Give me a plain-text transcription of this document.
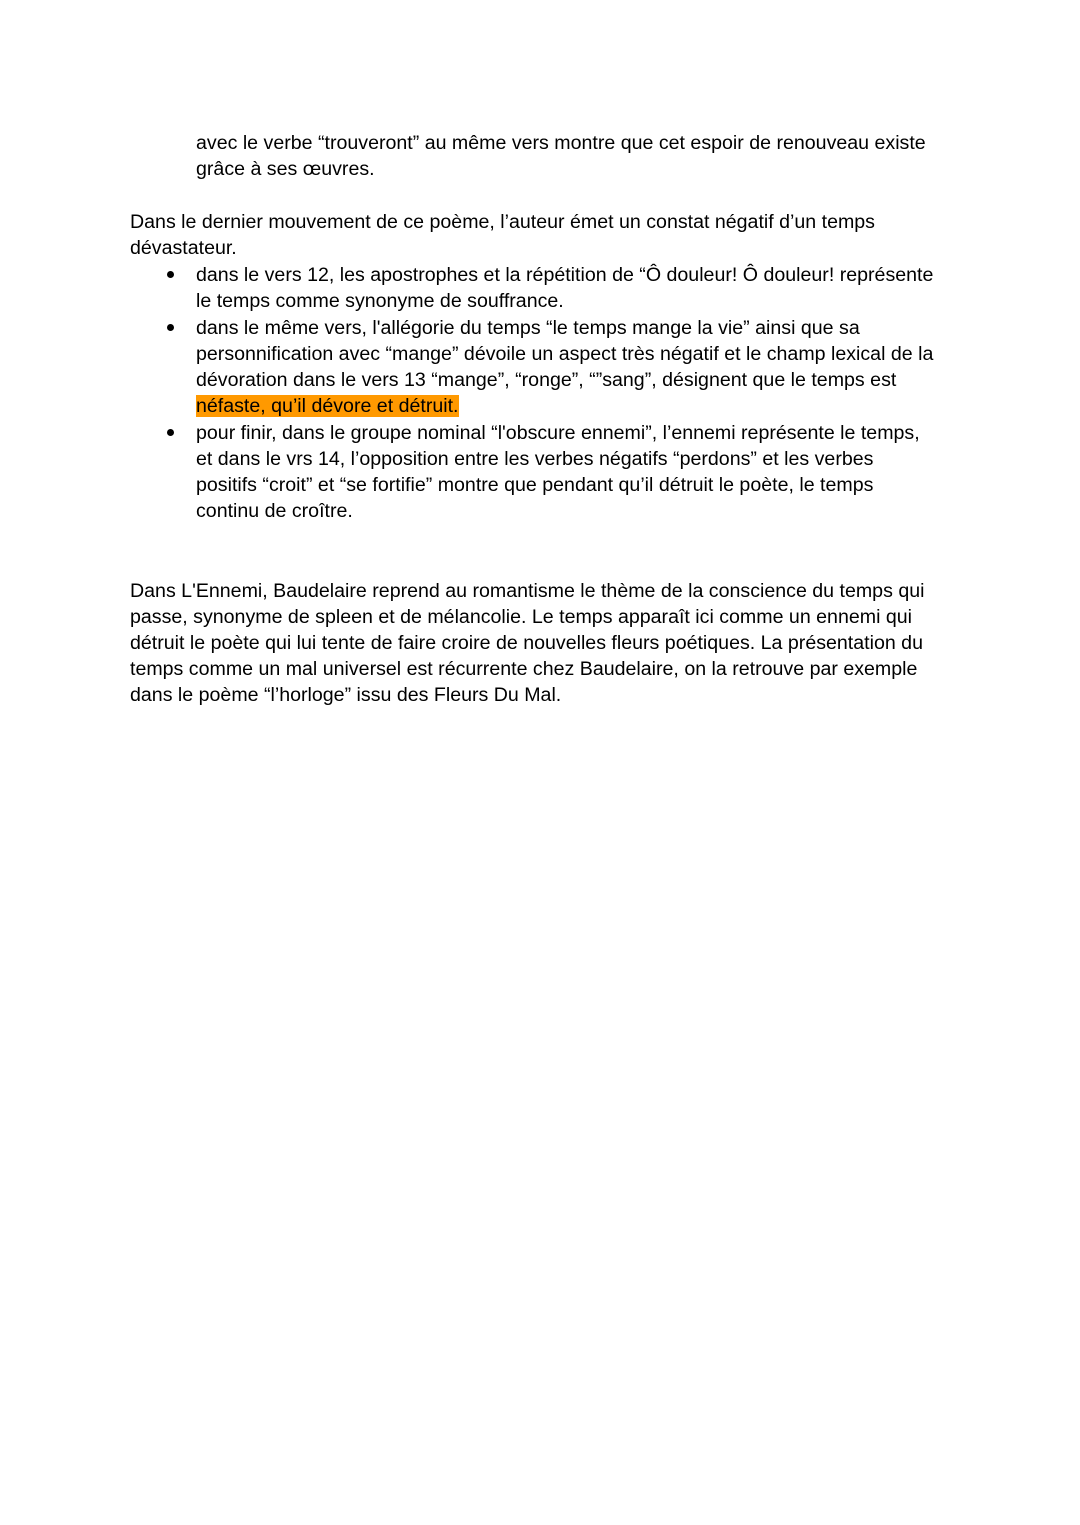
avec le verbe “trouveront” au même vers montre que cet espoir de renouveau existe
grâce à ses œuvres.
Dans le dernier mouvement de ce poème, l’auteur émet un constat négatif d’un temps
dévastateur.
dans le vers 12, les apostrophes et la répétition de “Ô douleur! Ô douleur! représente
le temps comme synonyme de souffrance.
dans le même vers, l'allégorie du temps “le temps mange la vie” ainsi que sa
personnification avec “mange” dévoile un aspect très négatif et le champ lexical de la
dévoration dans le vers 13 “mange”, “ronge”, “”sang”, désignent que le temps est
néfaste, qu’il dévore et détruit.
pour finir, dans le groupe nominal “l'obscure ennemi”, l’ennemi représente le temps,
et dans le vrs 14, l’opposition entre les verbes négatifs “perdons” et les verbes
positifs “croit” et “se fortifie” montre que pendant qu’il détruit le poète, le temps
continu de croître.
Dans L'Ennemi, Baudelaire reprend au romantisme le thème de la conscience du temps qui
passe, synonyme de spleen et de mélancolie. Le temps apparaît ici comme un ennemi qui
détruit le poète qui lui tente de faire croire de nouvelles fleurs poétiques. La présentation du
temps comme un mal universel est récurrente chez Baudelaire, on la retrouve par exemple
dans le poème “l’horloge” issu des Fleurs Du Mal.
